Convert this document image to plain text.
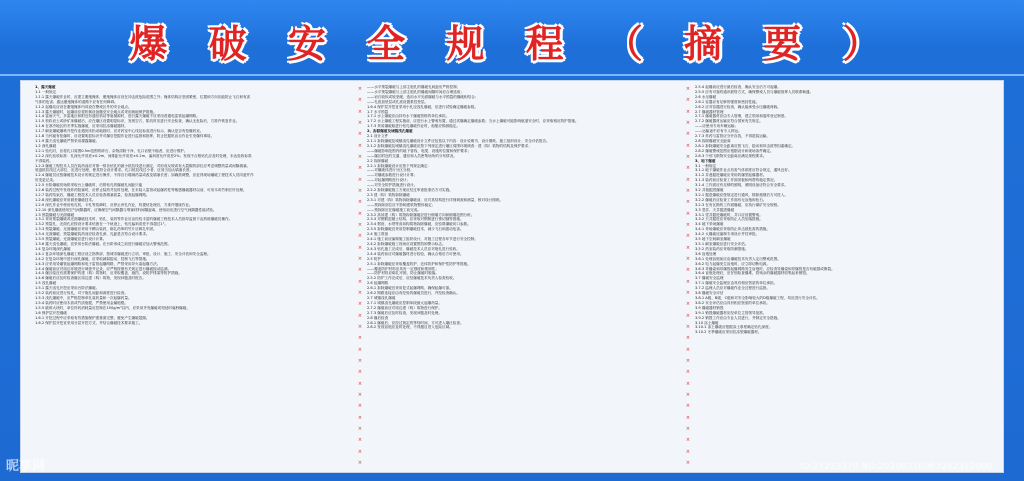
爆 破 安 全 规 程 （ 摘 要 ）

1、露天爆破

1.1 一般规定

1.1.1 露天爆破作业时，应建立避炮掩体，避炮掩体应设在冲击波危险范围之外；掩体结构应坚固紧密，位置和方向应能防止飞石和有害

气体的危害；通达避炮掩体的道路不应有任何障碍。

1.1.2 起爆站应设在避炮掩体内或设在警戒区外的安全地点。

1.1.3 露天爆破时，起爆前应将机械设备撤至安全地点或采用就地保护措施。

1.1.4 雷雨天气，多雷地区和附近有通信机站等射频源时，进行露天爆破不应采用普通电雷管起爆网路。

1.1.5 松软岩土或砂矿床爆破后，应在爆区设置明显标识，发现空穴、陷坑时应进行安全检查，确认无危险后，方准许恢复作业。

1.1.6 在寒冷地区的冬季实施爆破，应采用抗冻爆破器材。

1.1.7 硐室爆破爆堆开挖作业遇到未松动地段时，应对药室中心线及标高进行标示，确认是否有拒爆药室。

1.1.8 当怀疑有拒爆时，应设置明显标识并对爆后挖掘作业进行监督和指挥，防止挖掘机盲目作业引发爆炸事故。

1.1.9 露天浅孔爆破严禁采用裸露爆破。

1.2 深孔爆破

1.2.1 验孔时，应将孔口周围0.5m范围的碎石、杂物清除干净，孔口岩壁不稳者，应进行维护。

1.2.2 深孔验收标准：孔深允许误差±0.2m，间排距允许误差±0.2m，偏斜度允许误差2%；发现不合格钻孔应及时处理，未达验收标准

不得装药。

1.2.3 爆破工程技术人员在装药前应对第一排各钻孔的最小抵抗线进行测定，对形成反坡或有大裂隙的部位应考虑调整药量或间隔填塞。

底盘抵抗线过大部位，应进行处理，使其符合设计要求。孔口抵抗线过小者，应适当加大填塞长度。

1.2.4 爆破员应按爆破技术设计的规定进行操作，不得自行增减药量或改变填塞长度；如确需调整，应征得现场爆破工程技术人员同意并作

好变更记录。

1.2.5 台阶爆破初始排采取台上爆破时，后排钻孔的爆破孔间距只能

1.2.6 装药过程中发现炸药阻塞时，应停止装药并及时处理，在未装入雷管或起爆药柱等敏感爆破器材以前，可用木或竹制长杆处理。

1.2.7 装药结束后，爆破工程技术人员应检查填塞质量，检查起爆网路。

1.2.8 深孔爆破应采用微差爆破技术。

1.2.9 深孔作业中使用钻孔机，卡孔等故障时，应停止该孔作业，待提钻处理后，方准许继续作业。

1.2.10 深孔爆破使用空气间隔器时，应确保空气间隔器与堵塞材料间隔距离，使用前应进行空气间隔器性能试验。

1.3 预裂爆破与光面爆破

1.3.1 采用预裂爆破或光面爆破技术时，钻孔、装药等作业应由经验丰富的爆破工程技术人员指导监督下由熟练爆破员操作。

1.3.2 预裂孔、光面孔应按设计要求钻凿在一个轨迹上，钻孔偏斜误差不得超过1°。

1.3.3 预裂爆破、光面爆破应采用不耦合装药，绑扎药串的竹片应绑扎牢固。

1.3.4 光面爆破、预裂爆破装药前应检查孔深、孔距是否符合设计要求。

1.3.5 预裂爆破，光面爆破应进行设计计算。

1.3.6 露天浅孔爆破，宜采用台阶法爆破。在台阶形成之前进行爆破应加大警戒范围。

1.4 复杂环境深孔爆破

1.4.1 复杂环境深孔爆破工程应设立指挥部，按城市爆破进行立项、审批、设计、施工、安全评估和安全监理。

1.4.2 在复杂环境中进行深孔爆破，应采取减弱振动、控制飞石等措施。

1.4.3 应采用导爆管起爆网路和电子雷管起爆网路，严禁采用导火索起爆方法。

1.4.4 爆破前应对周边环境进行调查并记录，应严格按照有关规定进行爆破振动监测。

1.4.5 爆区临近有需要保护的建（构）筑物时，应采取覆盖、遮挡、设防护排架等防护措施。

1.4.6 爆破后应及时检查爆区周边建（构）筑物，发现问题及时报告。

1.5 浅孔爆破

1.5.1 露天浅孔开挖应采用台阶法爆破。

1.5.2 装药前应进行验孔，对于炮孔间距和深度进行检查。

1.5.3 浅孔爆破中，应严格控制单孔装药量和一次起爆药量。

1.5.4 装药时应使用木质或竹质炮棍，严禁使用金属炮棍。

1.5.5 破碎大块时，单位炸药消耗量应控制在150g/m³以内，应采用齐发爆破或短延时毫秒爆破。

1.6 保护层开挖爆破

1.6.1 开挖过程中应采取有效措施保护建基面完整，避免产生爆破裂隙。

1.6.2 保护层开挖宜采用分层开挖方式，并结合爆破技术要求施工。

×
×
×
×
×
×
×
×
×
×
×
×
×
×
×
×
×
×
×
×
×
×
×
×
×
×
×
×
×
×
×
×
×
×

——水平预裂爆破与上部主炮孔的爆破孔间距应严格控制；

——水平预裂爆破与上部主炮孔的爆破间隔时间应合理选取；

——岩石较软或较坚硬，选用水平光面爆破与水平预裂的爆破相结合；

——孔底加垫层或孔底设置柔性垫层。

1.6.4 保护层开挖宜采用小孔径浅孔爆破，应进行试验确定爆破参数。

1.7 水平预裂

1.7.1 水上爆破应由持有水下爆破资格的单位承担。

1.7.2 水上爆破工程实施前，应进行水上警戒布置，通过试爆确定爆破参数；当水上爆破可能影响航道安全时，应采取相应防护措施。

1.7.3 采用爆破船进行钻孔爆破作业时，船舶应锚固稳定。

2、拆除爆破及城镇浅孔爆破

2.1 设计文件

2.1.1 拆除爆破及城镇浅孔爆破设计文件应包括以下内容：设计说明书、设计图纸、施工组织设计、安全评估报告。

2.1.2 拆除爆破及城镇浅孔爆破应按下列规定进行爆区周围环境调查：建（构）筑物的结构及保护要求；

——爆破影响范围内的地下管线、电缆、设施的位置和保护要求；

——爆区附近的交通、通信和人员密集场所的分布情况。

2.2 拆除爆破

2.2.1 拆除爆破设计应按下列规定确定：

——对爆破体进行分区分段；

——对爆破参数进行设计计算；

——对起爆网路进行设计；

——对安全防护措施进行设计。

2.2.2 拆除爆破施工方案应经过审查批准后方可实施。

2.3 建（构）筑物拆除爆破

2.3.1 对建（构）筑物拆除爆破前，应对其结构进行详细调查和测量，核对设计图纸。

——预拆除部位应不影响建筑物整体稳定；

——预拆除应在爆破施工前完成。

2.3.2 高耸建（构）筑物拆除爆破应进行倒塌方向和倒塌范围分析。

2.3.3 对钢筋混凝土结构，应采取对钢筋进行预切割等措施。

2.3.4 烟囱、水塔等高耸构筑物拆除爆破，应验算爆破切口参数。

2.3.5 拆除爆破宜采用控制爆破技术，减少飞石和振动危害。

2.4 施工准备

2.4.1 施工前应编制施工组织设计，对施工过程各环节进行安全控制。

2.4.2 拆除爆破施工现场应设置围挡和警示标志。

2.4.3 钻孔施工完成后，爆破技术人员应对炮孔进行验收。

2.4.4 装药前应对爆破器材进行检验，确认合格后方可使用。

2.5 防护

2.5.1 拆除爆破应采取覆盖防护、近体防护和保护性防护等措施。

——覆盖防护材料应具有一定强度和柔韧性；

——防护材料应绑扎牢固，防止爆破时脱落。

2.5.2 防护工作完成后，应经爆破技术负责人检查验收。

2.6 起爆网路

2.6.1 拆除爆破宜采用复式起爆网路，确保起爆可靠。

2.6.2 网路连接应由有经验的爆破员进行，并经检查确认。

2.7 城镇浅孔爆破

2.7.1 城镇浅孔爆破应控制单段最大起爆药量。

2.7.2 爆破前应对周边建（构）筑物进行保护。

2.7.3 爆破后应及时检查，发现问题及时处理。

2.8 爆后检查

2.8.1 爆破后，应经过规定的等待时间，方可进入爆区检查。

2.8.2 发现盲炮应及时处理，不得擅自进入危险区域。

×
×
×
×
×
×
×
×
×
×
×
×
×
×
×
×
×
×
×
×
×
×
×
×
×
×
×
×
×
×
×
×
×
×

2.5.4 起爆前应进行最后检查，确认安全后方可起爆。

2.5.5 应有可靠的通讯联络方式，确保警戒人员与爆破指挥人员联系畅通。

2.6 水压爆破

2.6.1 容器应有足够的强度和密封性能。

2.6.2 应对容器进行检查，确认能承受水压爆破荷载。

2.7 爆破器材管理

2.7.1 爆破器材应由专人管理，建立领用和退库登记制度。

2.7.2 爆破器材运输应符合国家有关规定。

——应使用专用车辆运输；

——运输途中应有专人押运。

2.7.3 炸药与雷管应分开存放，不得混装运输。

2.8 拆除爆破安全距离

2.8.1 拆除爆破安全距离应按飞石、振动和冲击波等因素确定。

2.8.2 爆破警戒范围应根据设计和现场条件确定。

2.8.3 个别飞散物安全距离应满足规程要求。

3、地下爆破

3.1 一般规定

3.1.1 地下爆破作业点有害气体浓度应符合规定，通风良好。

3.1.2 井巷掘进爆破应采用防爆型起爆器材。

3.1.3 装药前应检查工作面顶板和两帮的稳定情况。

3.1.4 工作面应有足够的照明，照明设备应符合安全要求。

3.2 井巷掘进爆破

3.2.1 掘进爆破应按规定进行通风，排除炮烟后方可进入。

3.2.2 爆破后应检查工作面有无盲炮和危石。

3.2.3 在有瓦斯的工作面爆破，应执行煤矿安全规程。

3.3 竖井、天井掘进爆破

3.3.1 竖井掘进爆破时，井口应设置警戒。

3.3.2 天井掘进应采取防止人员坠落措施。

3.4 地下采场爆破

3.4.1 采场爆破应采取防止冲击波危害的措施。

3.4.2 大爆破应编制专项设计并经审批。

3.5 地下空间硐室爆破

3.5.1 硐室爆破应进行安全评估。

3.5.2 药室装药应采取防潮措施。

3.6 盲炮处理

3.6.1 处理盲炮前应由爆破技术负责人定出警戒范围。

3.6.2 电力起爆发生盲炮时，应立即切断电源。

3.6.3 导爆索和导爆管起爆网路发生盲炮时，应检查导爆索和导爆管是否有破损或断裂。

3.6.4 盲炮处理后，应仔细检查爆堆，将残余的爆破器材收集起来销毁。

3.7 爆破安全监理

3.7.1 爆破安全监理应由具有相应资质的单位承担。

3.7.2 监理人员应对爆破作业全过程进行监督。

3.8 爆破安全评估

3.8.1 A级、B级、C级和对安全影响较大的D级爆破工程，均应进行安全评估。

3.8.2 安全评估应由具有相应资质的单位承担。

3.9 爆破器材销毁

3.9.1 销毁爆破器材应经单位主管领导批准。

3.9.2 销毁工作应由专业人员进行，并制定安全措施。

3.10 冻土爆破

3.10.1 冻土爆破应根据冻土厚度确定钻孔深度。

3.10.2 冬季爆破应采用抗冻型爆破器材。

昵享网	ID:27233379 NO:20200316083242312000
